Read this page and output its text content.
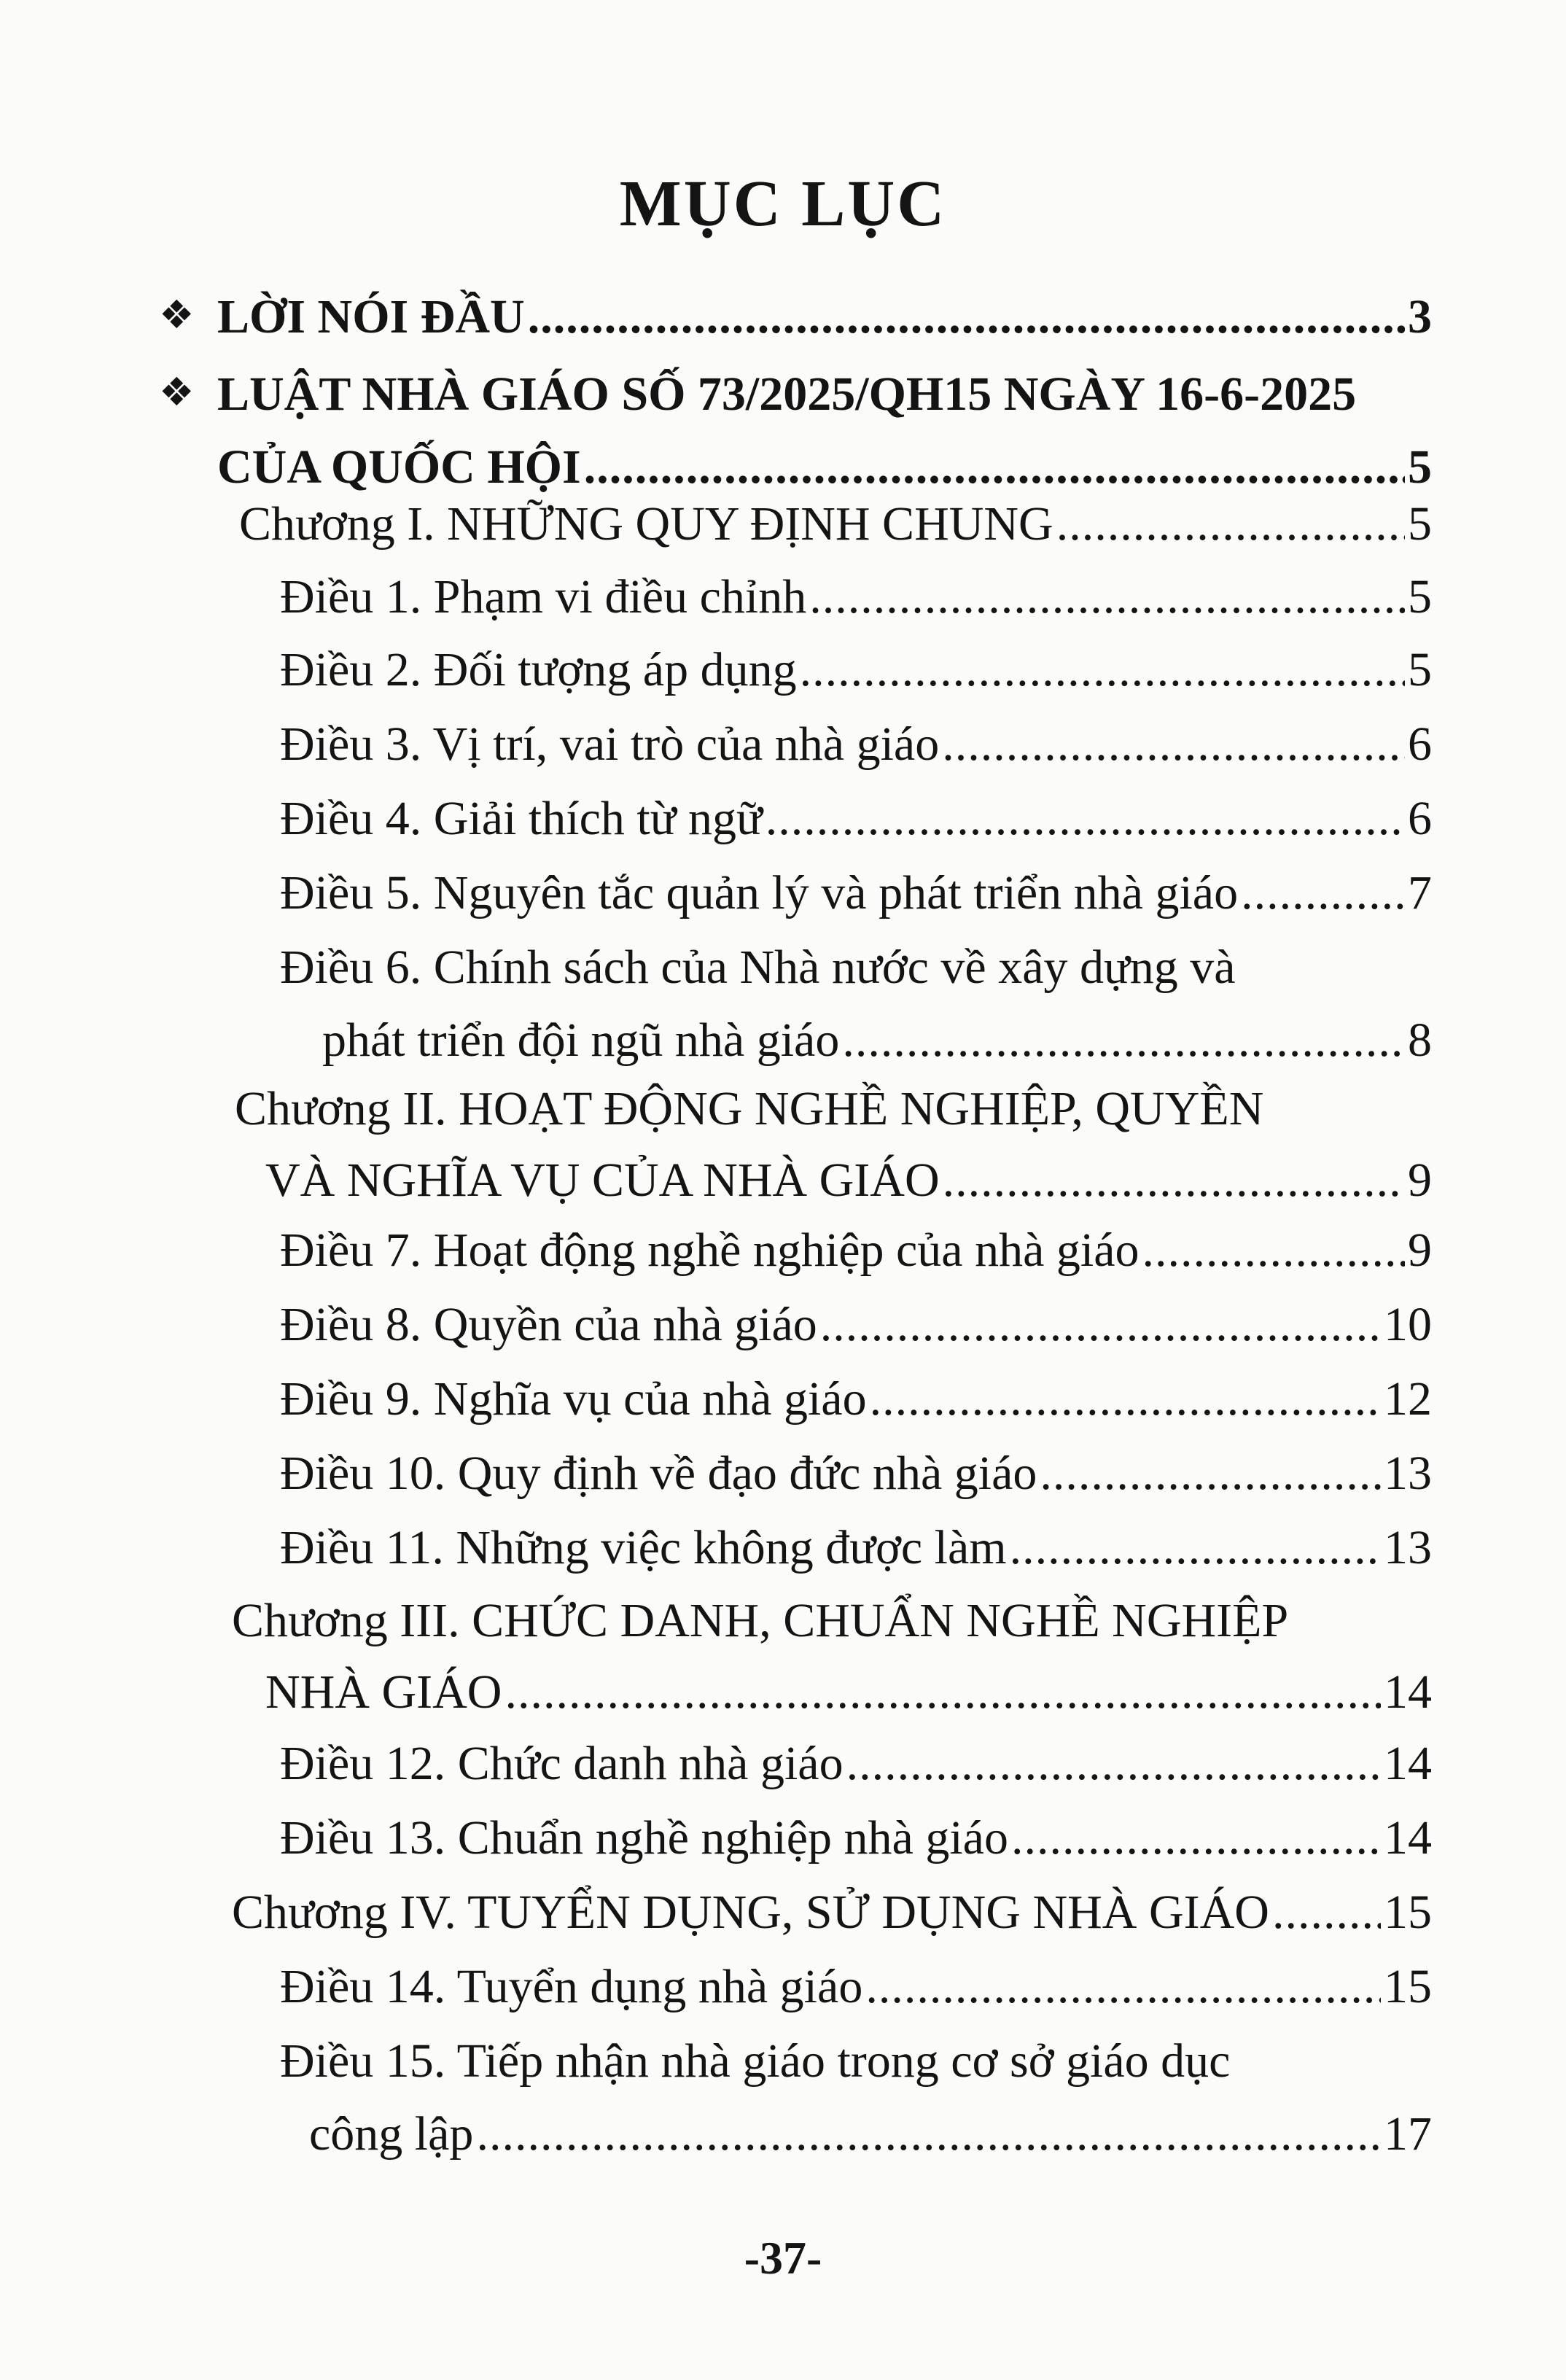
MỤC LỤC
❖ LỜI NÓI ĐẦU .....	3
❖ LUẬT NHÀ GIÁO SỐ 73/2025/QH15 NGÀY 16-6-2025
CỦA QUỐC HỘI .....	5
Chương I. NHỮNG QUY ĐỊNH CHUNG .....	5
Điều 1. Phạm vi điều chỉnh .....	5
Điều 2. Đối tượng áp dụng .....	5
Điều 3. Vị trí, vai trò của nhà giáo .....	6
Điều 4. Giải thích từ ngữ .....	6
Điều 5. Nguyên tắc quản lý và phát triển nhà giáo .....	7
Điều 6. Chính sách của Nhà nước về xây dựng và
phát triển đội ngũ nhà giáo .....	8
Chương II. HOẠT ĐỘNG NGHỀ NGHIỆP, QUYỀN
VÀ NGHĨA VỤ CỦA NHÀ GIÁO .....	9
Điều 7. Hoạt động nghề nghiệp của nhà giáo .....	9
Điều 8. Quyền của nhà giáo .....	10
Điều 9. Nghĩa vụ của nhà giáo .....	12
Điều 10. Quy định về đạo đức nhà giáo .....	13
Điều 11. Những việc không được làm .....	13
Chương III. CHỨC DANH, CHUẨN NGHỀ NGHIỆP
NHÀ GIÁO .....	14
Điều 12. Chức danh nhà giáo .....	14
Điều 13. Chuẩn nghề nghiệp nhà giáo .....	14
Chương IV. TUYỂN DỤNG, SỬ DỤNG NHÀ GIÁO ..... 15
Điều 14. Tuyển dụng nhà giáo .....	15
Điều 15. Tiếp nhận nhà giáo trong cơ sở giáo dục
công lập .....	17
-37-
